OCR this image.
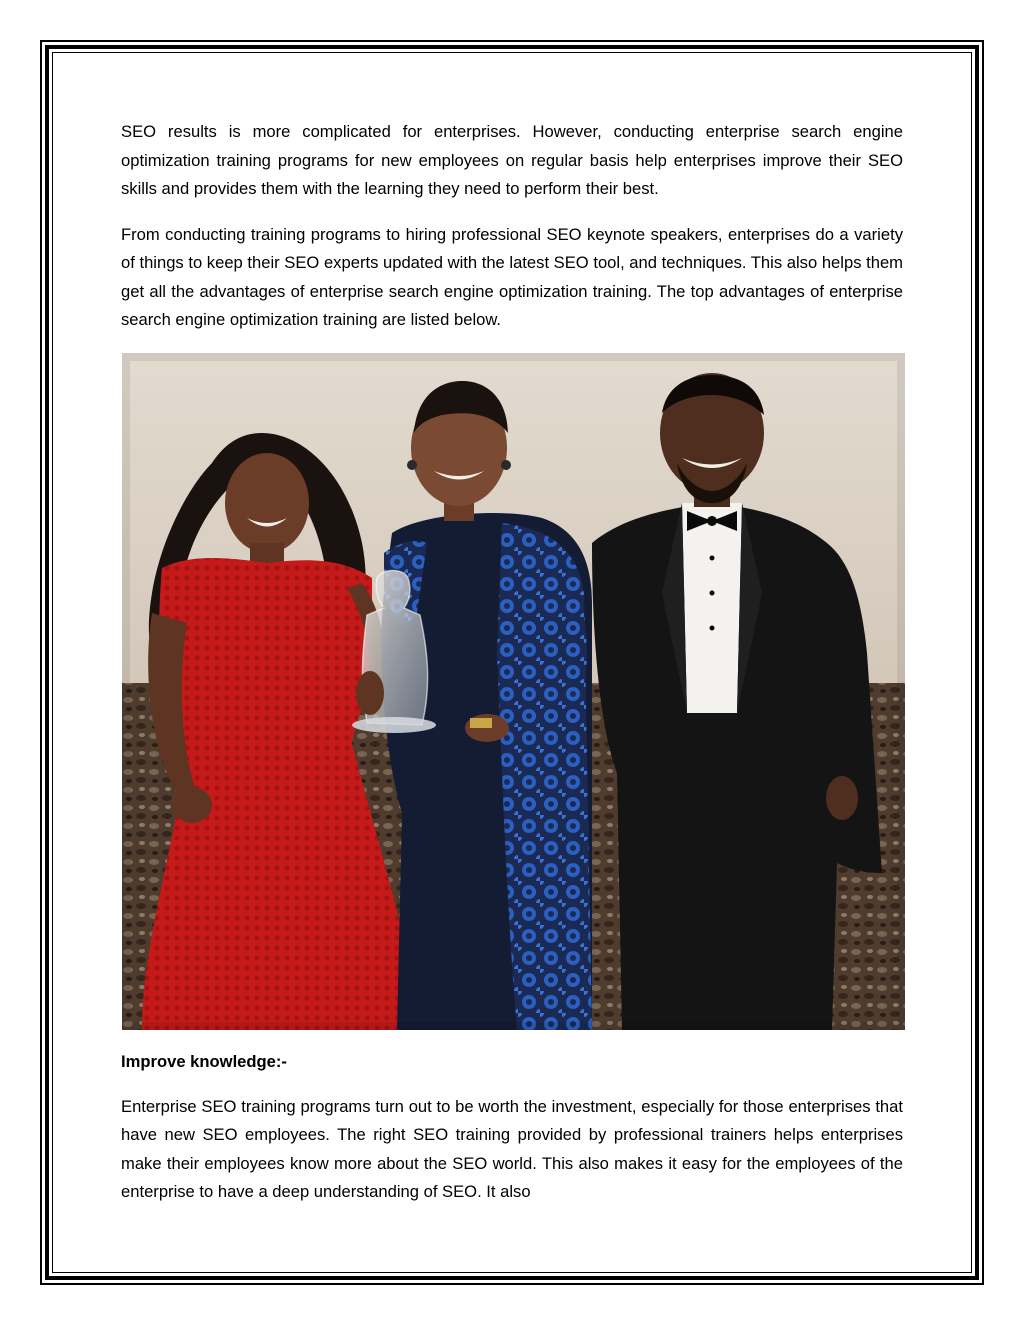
SEO results is more complicated for enterprises. However, conducting enterprise search engine optimization training programs for new employees on regular basis help enterprises improve their SEO skills and provides them with the learning they need to perform their best.

From conducting training programs to hiring professional SEO keynote speakers, enterprises do a variety of things to keep their SEO experts updated with the latest SEO tool, and techniques. This also helps them get all the advantages of enterprise search engine optimization training. The top advantages of enterprise search engine optimization training are listed below.

Improve knowledge:-

Enterprise SEO training programs turn out to be worth the investment, especially for those enterprises that have new SEO employees. The right SEO training provided by professional trainers helps enterprises make their employees know more about the SEO world. This also makes it easy for the employees of the enterprise to have a deep understanding of SEO. It also
